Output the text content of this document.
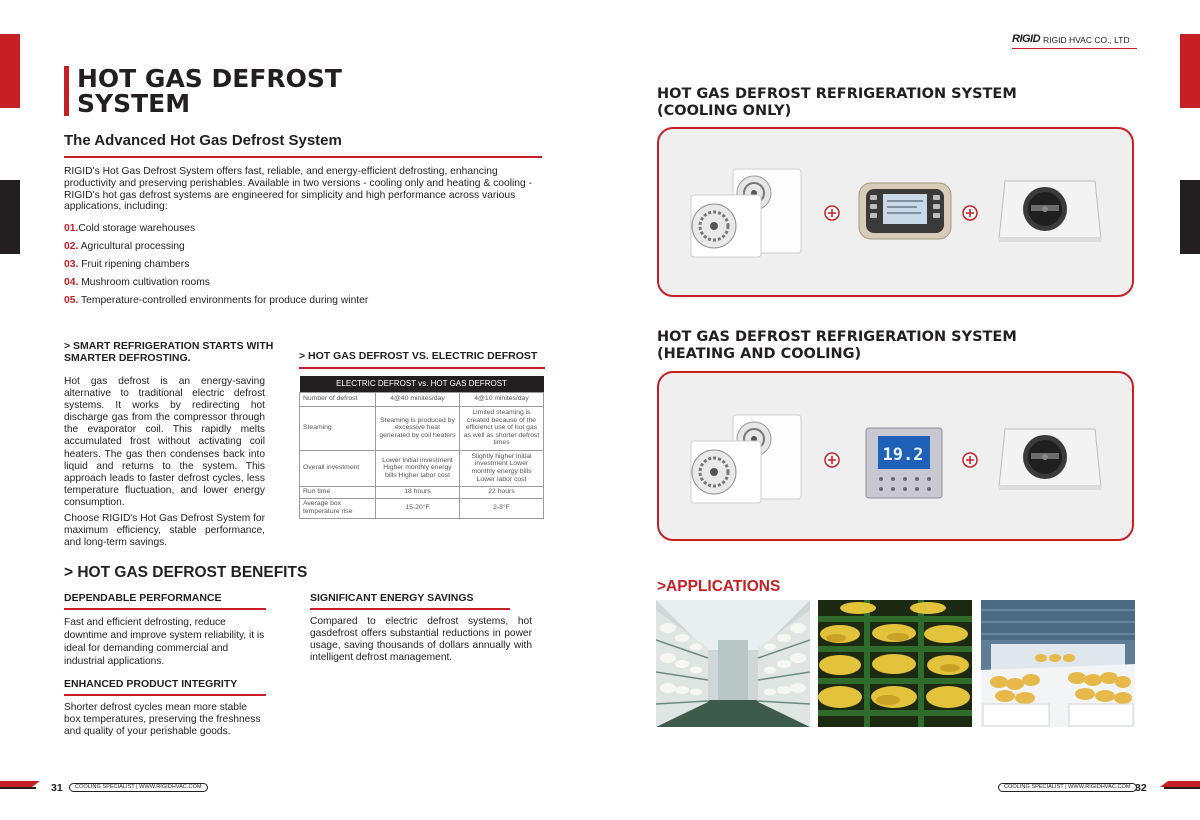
31	COOLING SPECIALIST | WWW.RIGIDHVAC.COM	COOLING SPECIALIST | WWW.RIGIDHVAC.COM 32
HOT GAS DEFROST SYSTEM
The Advanced Hot Gas Defrost System
RIGID's Hot Gas Defrost System offers fast, reliable, and energy-efficient defrosting, enhancing productivity and preserving perishables. Available in two versions - cooling only and heating & cooling - RIGID's hot gas defrost systems are engineered for simplicity and high performance across various applications, including:
01.Cold storage warehouses
02. Agricultural processing
03. Fruit ripening chambers
04. Mushroom cultivation rooms
05. Temperature-controlled environments for produce during winter
> SMART REFRIGERATION STARTS WITH SMARTER DEFROSTING.

Hot gas defrost is an energy-saving alternative to traditional electric defrost systems. It works by redirecting hot discharge gas from the compressor through the evaporator coil. This rapidly melts accumulated frost without activating coil heaters. The gas then condenses back into liquid and returns to the system. This approach leads to faster defrost cycles, less temperature fluctuation, and lower energy consumption.

Choose RIGID's Hot Gas Defrost System for maximum efficiency, stable performance, and long-term savings.

> HOT GAS DEFROST VS. ELECTRIC DEFROST
ELECTRIC DEFROST vs. HOT GAS DEFROST		
Number of defrost	4@40 minites/day	4@10 minites/day
Steaming	Steaming is produced by excessive heat generated by coil heaters	Limited steaming is created because of the efficienct use of hot gas as well as shorter defrost times
Overall investment	Lower initial investment Higher monthly energy bills Higher labor cost	Slightly higher initial investment Lower monthly energy bills Lower labor cost
Run time	18 hours	22 hours
Average box temperature rise	15-20°F	2-3°F
> HOT GAS DEFROST BENEFITS
DEPENDABLE PERFORMANCE
Fast and efficient defrosting, reduce downtime and improve system reliability, it is ideal for demanding commercial and industrial applications.
SIGNIFICANT ENERGY SAVINGS
Compared to electric defrost systems, hot gasdefrost offers substantial reductions in power usage, saving thousands of dollars annually with intelligent defrost management.
ENHANCED PRODUCT INTEGRITY
Shorter defrost cycles mean more stable box temperatures, preserving the freshness and quality of your perishable goods.
RIGID RIGID HVAC CO., LTD
HOT GAS DEFROST REFRIGERATION SYSTEM (COOLING ONLY)
HOT GAS DEFROST REFRIGERATION SYSTEM (HEATING AND COOLING)
19.2
>APPLICATIONS
